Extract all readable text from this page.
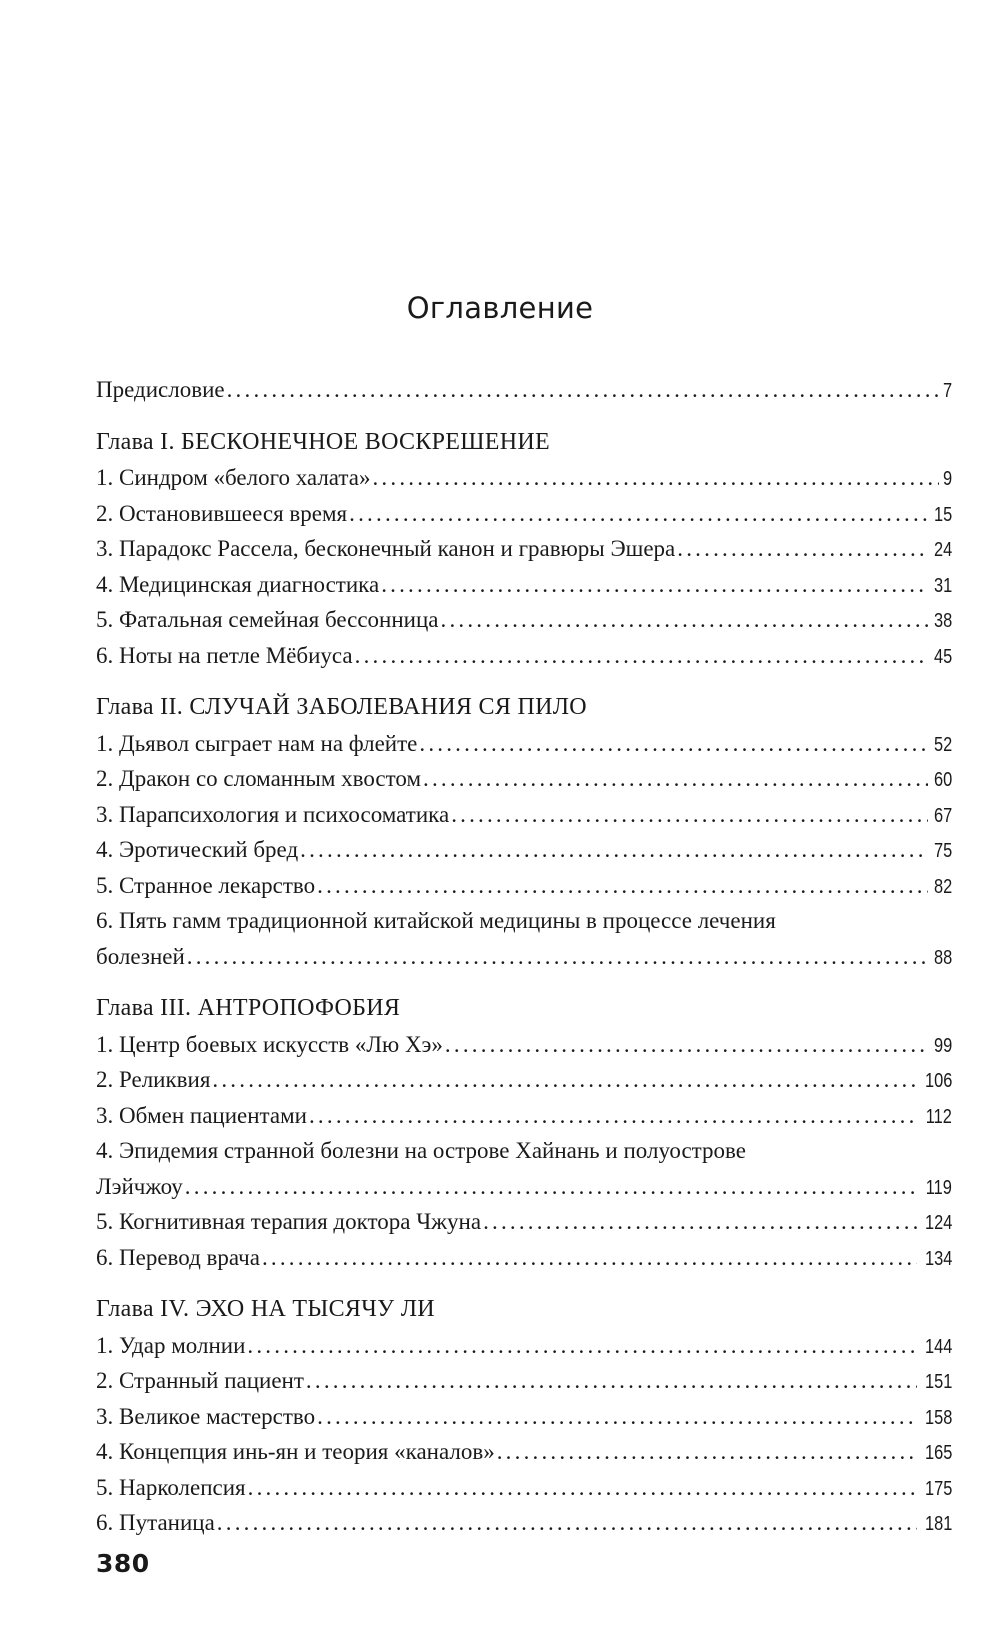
Оглавление
Предисловие .....	7
Глава I. БЕСКОНЕЧНОЕ ВОСКРЕШЕНИЕ
1. Синдром «белого халата» .....	9
2. Остановившееся время .....	15
3. Парадокс Рассела, бесконечный канон и гравюры Эшера .....	24
4. Медицинская диагностика .....	31
5. Фатальная семейная бессонница .....	38
6. Ноты на петле Мёбиуса .....	45
Глава II. СЛУЧАЙ ЗАБОЛЕВАНИЯ СЯ ПИЛО
1. Дьявол сыграет нам на флейте .....	52
2. Дракон со сломанным хвостом .....	60
3. Парапсихология и психосоматика .....	67
4. Эротический бред .....	75
5. Странное лекарство .....	82
6. Пять гамм традиционной китайской медицины в процессе лечения
болезней .....	88
Глава III. АНТРОПОФОБИЯ
1. Центр боевых искусств «Лю Хэ» .....	99
2. Реликвия .....	106
3. Обмен пациентами .....	112
4. Эпидемия странной болезни на острове Хайнань и полуострове
Лэйчжоу .....	119
5. Когнитивная терапия доктора Чжуна .....	124
6. Перевод врача .....	134
Глава IV. ЭХО НА ТЫСЯЧУ ЛИ
1. Удар молнии .....	144
2. Странный пациент .....	151
3. Великое мастерство .....	158
4. Концепция инь-ян и теория «каналов» .....	165
5. Нарколепсия .....	175
6. Путаница .....	181
380
